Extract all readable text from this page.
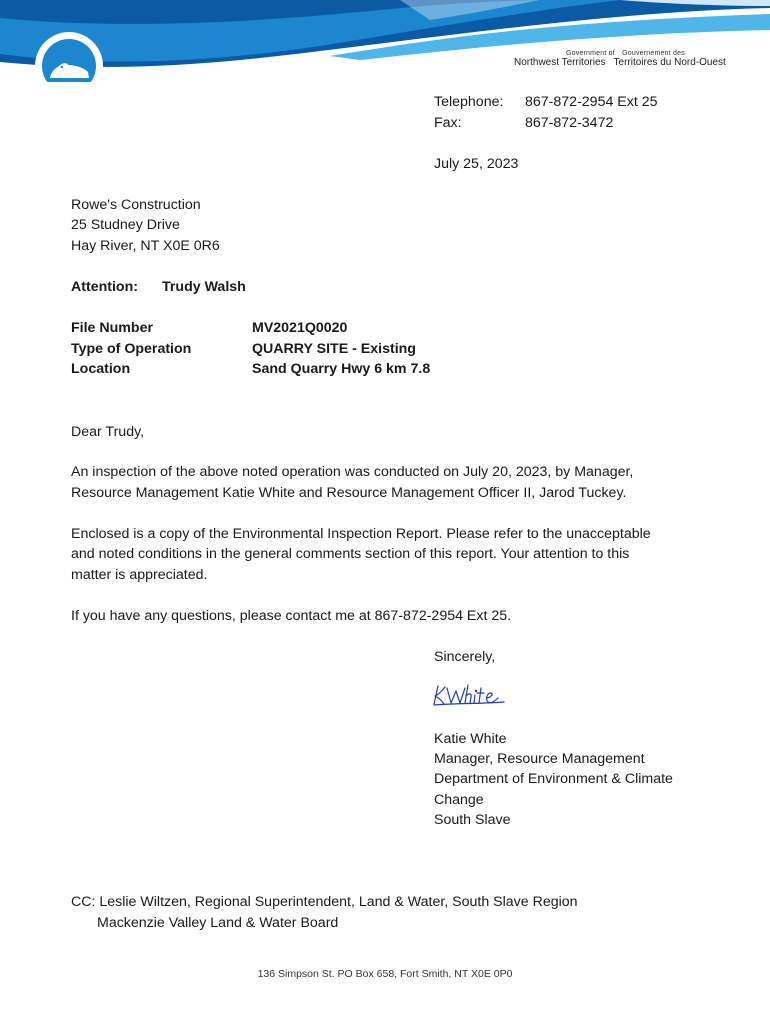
Government of Gouvernement des
Northwest Territories Territoires du Nord-Ouest
Telephone: 867-872-2954 Ext 25
Fax:	867-872-3472
July 25, 2023
Rowe's Construction
25 Studney Drive
Hay River, NT X0E 0R6
Attention: Trudy Walsh
File Number	MV2021Q0020
Type of Operation	QUARRY SITE - Existing
Location	Sand Quarry Hwy 6 km 7.8
Dear Trudy,
An inspection of the above noted operation was conducted on July 20, 2023, by Manager,
Resource Management Katie White and Resource Management Officer II, Jarod Tuckey.
Enclosed is a copy of the Environmental Inspection Report. Please refer to the unacceptable
and noted conditions in the general comments section of this report. Your attention to this
matter is appreciated.
If you have any questions, please contact me at 867-872-2954 Ext 25.
Sincerely,
Katie White
Manager, Resource Management
Department of Environment & Climate
Change
South Slave
CC: Leslie Wiltzen, Regional Superintendent, Land & Water, South Slave Region
Mackenzie Valley Land & Water Board
136 Simpson St. PO Box 658, Fort Smith, NT X0E 0P0
